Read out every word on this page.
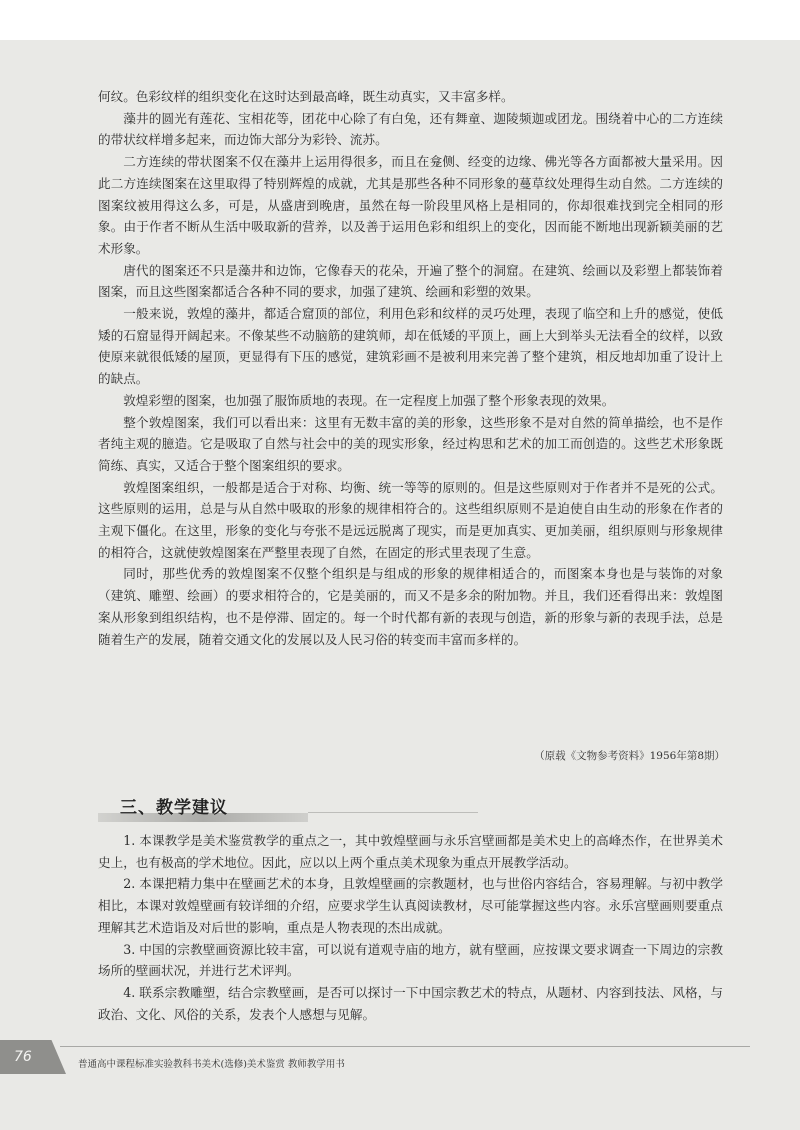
何纹。色彩纹样的组织变化在这时达到最高峰，既生动真实，又丰富多样。

藻井的圆光有莲花、宝相花等，团花中心除了有白兔，还有舞童、迦陵频迦或团龙。围绕着中心的二方连续的带状纹样增多起来，而边饰大部分为彩铃、流苏。

二方连续的带状图案不仅在藻井上运用得很多，而且在龛侧、经变的边缘、佛光等各方面都被大量采用。因此二方连续图案在这里取得了特别辉煌的成就，尤其是那些各种不同形象的蔓草纹处理得生动自然。二方连续的图案纹被用得这么多，可是，从盛唐到晚唐，虽然在每一阶段里风格上是相同的，你却很难找到完全相同的形象。由于作者不断从生活中吸取新的营养，以及善于运用色彩和组织上的变化，因而能不断地出现新颖美丽的艺术形象。

唐代的图案还不只是藻井和边饰，它像春天的花朵，开遍了整个的洞窟。在建筑、绘画以及彩塑上都装饰着图案，而且这些图案都适合各种不同的要求，加强了建筑、绘画和彩塑的效果。

一般来说，敦煌的藻井，都适合窟顶的部位，利用色彩和纹样的灵巧处理，表现了临空和上升的感觉，使低矮的石窟显得开阔起来。不像某些不动脑筋的建筑师，却在低矮的平顶上，画上大到举头无法看全的纹样，以致使原来就很低矮的屋顶，更显得有下压的感觉，建筑彩画不是被利用来完善了整个建筑，相反地却加重了设计上的缺点。

敦煌彩塑的图案，也加强了服饰质地的表现。在一定程度上加强了整个形象表现的效果。

整个敦煌图案，我们可以看出来：这里有无数丰富的美的形象，这些形象不是对自然的简单描绘，也不是作者纯主观的臆造。它是吸取了自然与社会中的美的现实形象，经过构思和艺术的加工而创造的。这些艺术形象既简练、真实，又适合于整个图案组织的要求。

敦煌图案组织，一般都是适合于对称、均衡、统一等等的原则的。但是这些原则对于作者并不是死的公式。这些原则的运用，总是与从自然中吸取的形象的规律相符合的。这些组织原则不是迫使自由生动的形象在作者的主观下僵化。在这里，形象的变化与夸张不是远远脱离了现实，而是更加真实、更加美丽，组织原则与形象规律的相符合，这就使敦煌图案在严整里表现了自然，在固定的形式里表现了生意。

同时，那些优秀的敦煌图案不仅整个组织是与组成的形象的规律相适合的，而图案本身也是与装饰的对象（建筑、雕塑、绘画）的要求相符合的，它是美丽的，而又不是多余的附加物。并且，我们还看得出来：敦煌图案从形象到组织结构，也不是停滞、固定的。每一个时代都有新的表现与创造，新的形象与新的表现手法，总是随着生产的发展，随着交通文化的发展以及人民习俗的转变而丰富而多样的。

（原载《文物参考资料》1956年第8期）
三、教学建议

1. 本课教学是美术鉴赏教学的重点之一，其中敦煌壁画与永乐宫壁画都是美术史上的高峰杰作，在世界美术史上，也有极高的学术地位。因此，应以以上两个重点美术现象为重点开展教学活动。

2. 本课把精力集中在壁画艺术的本身，且敦煌壁画的宗教题材，也与世俗内容结合，容易理解。与初中教学相比，本课对敦煌壁画有较详细的介绍，应要求学生认真阅读教材，尽可能掌握这些内容。永乐宫壁画则要重点理解其艺术造诣及对后世的影响，重点是人物表现的杰出成就。

3. 中国的宗教壁画资源比较丰富，可以说有道观寺庙的地方，就有壁画，应按课文要求调查一下周边的宗教场所的壁画状况，并进行艺术评判。

4. 联系宗教雕塑，结合宗教壁画，是否可以探讨一下中国宗教艺术的特点，从题材、内容到技法、风格，与政治、文化、风俗的关系，发表个人感想与见解。

76	普通高中课程标准实验教科书美术(选修)美术鉴赏 教师教学用书
